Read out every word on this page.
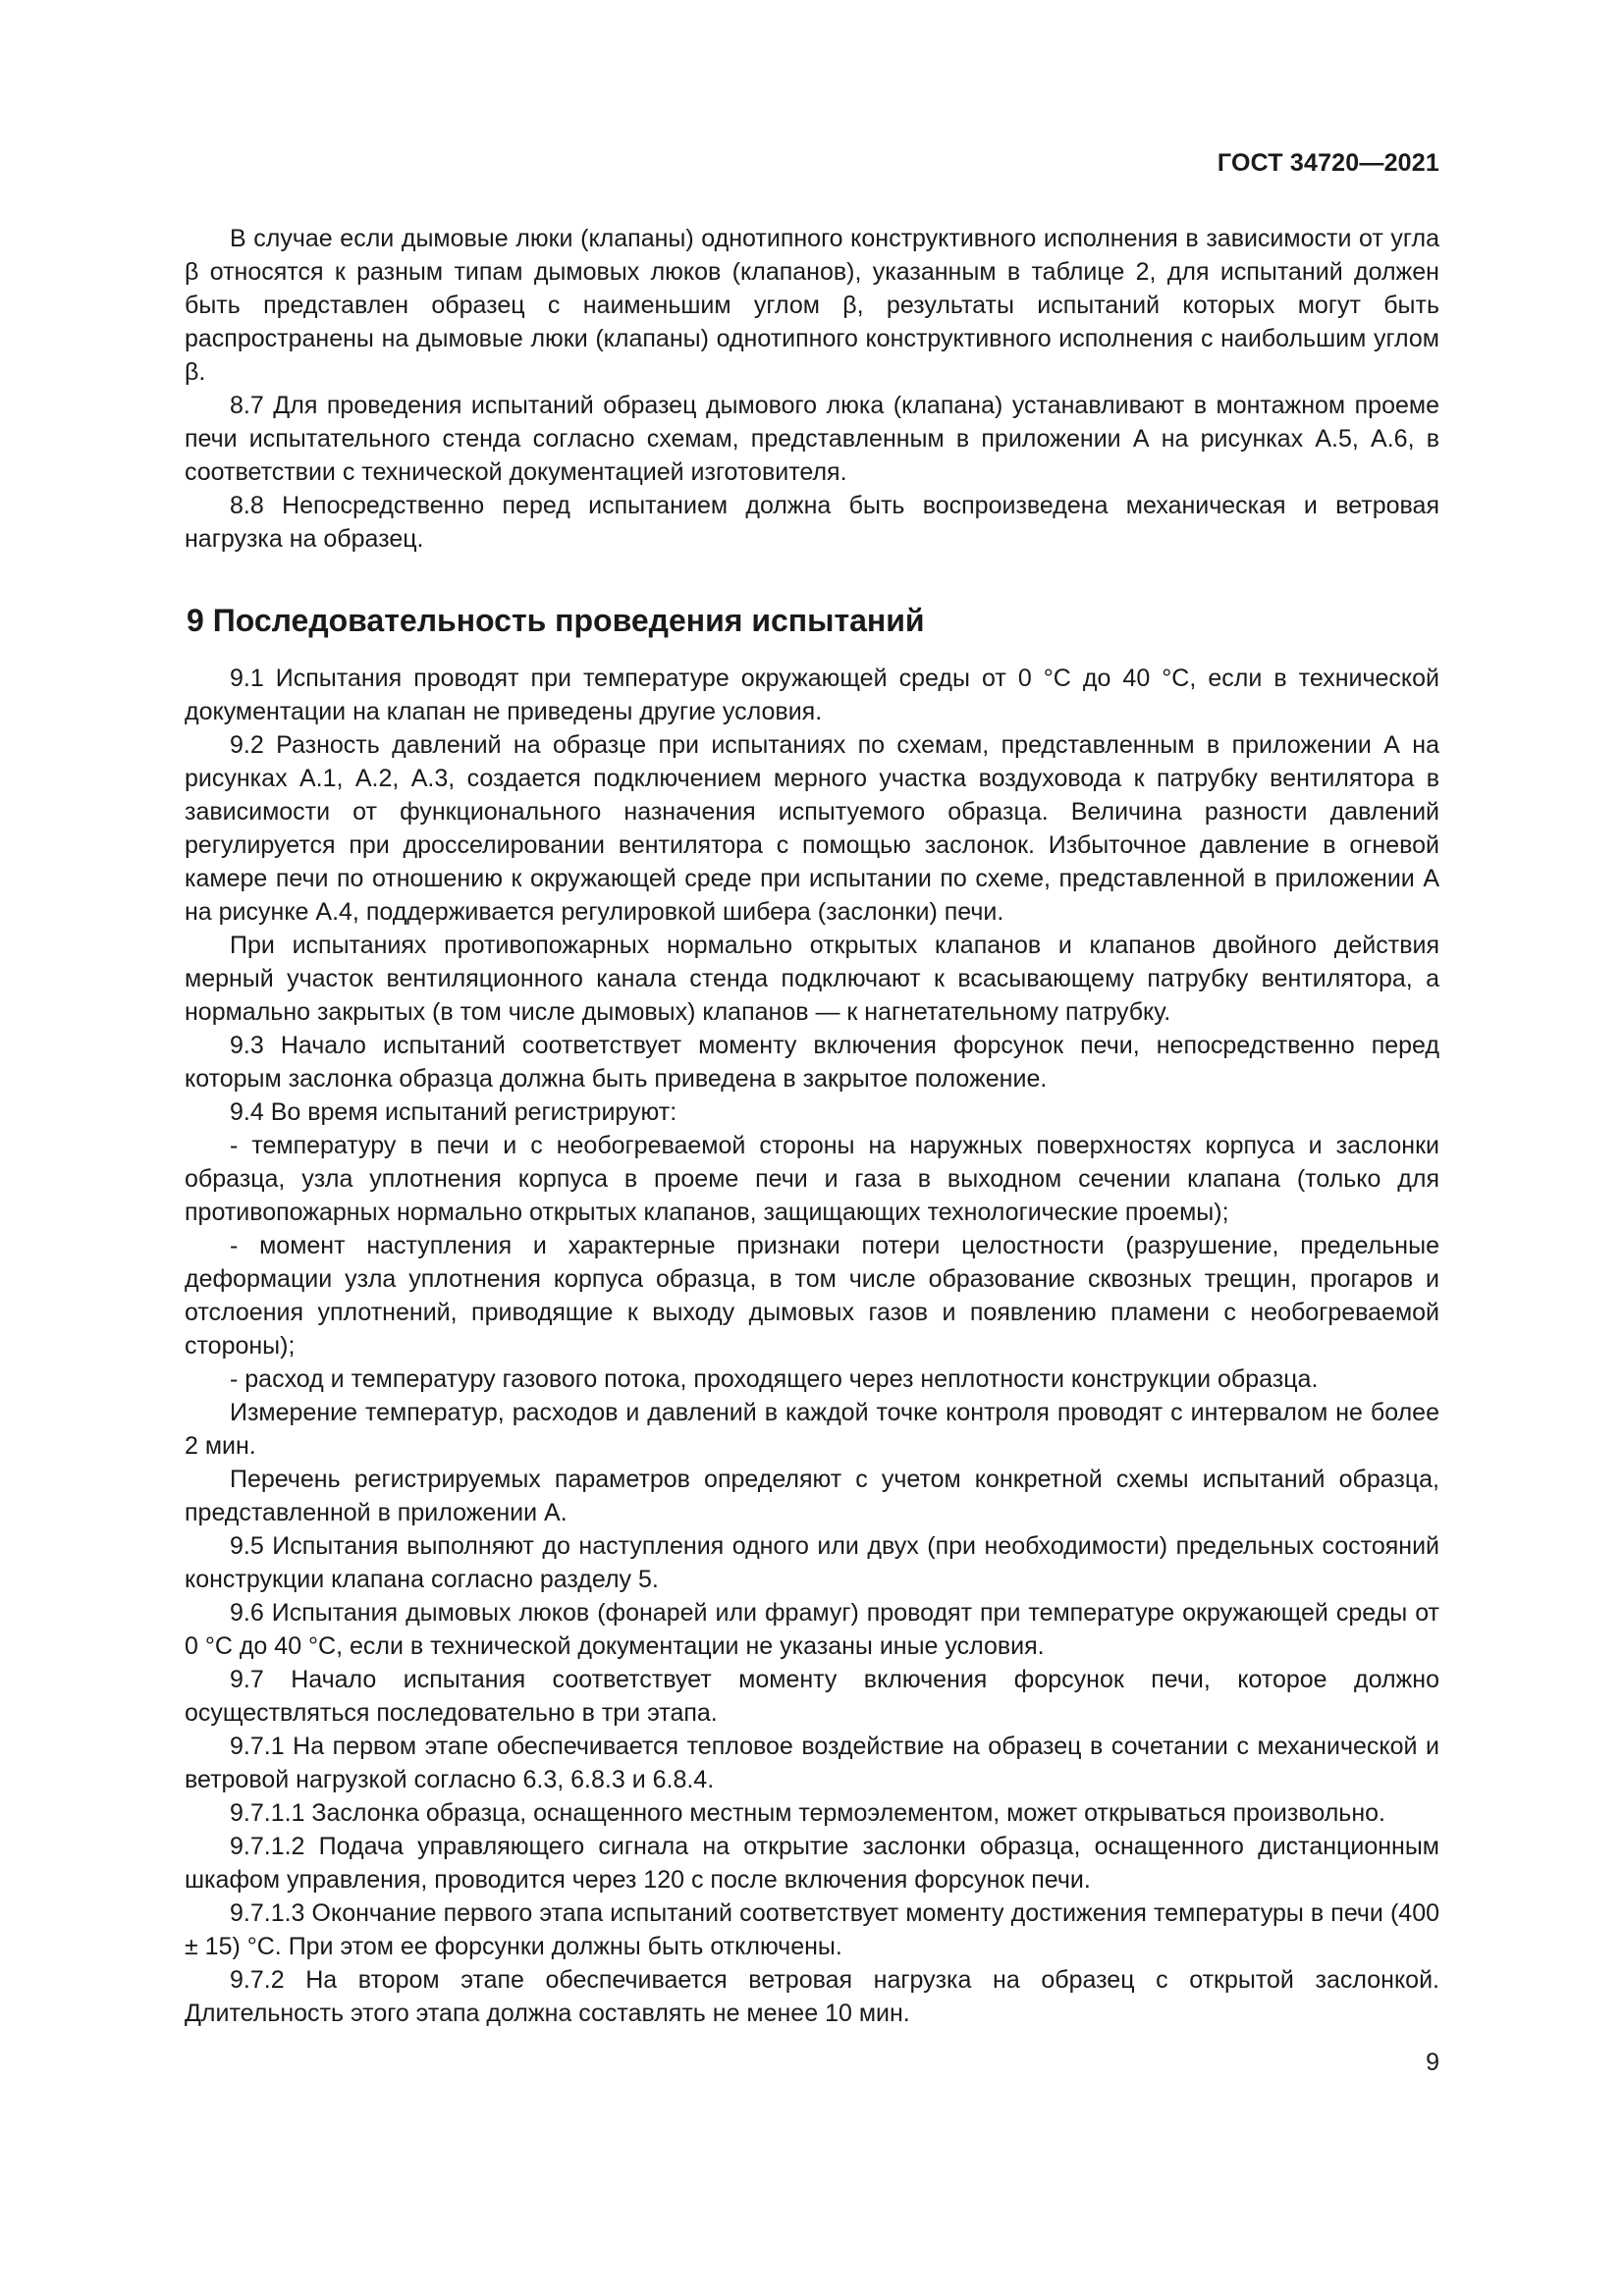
ГОСТ 34720—2021

В случае если дымовые люки (клапаны) однотипного конструктивного исполнения в зависимости от угла β относятся к разным типам дымовых люков (клапанов), указанным в таблице 2, для испытаний должен быть представлен образец с наименьшим углом β, результаты испытаний которых могут быть распространены на дымовые люки (клапаны) однотипного конструктивного исполнения с наибольшим углом β.

8.7 Для проведения испытаний образец дымового люка (клапана) устанавливают в монтажном проеме печи испытательного стенда согласно схемам, представленным в приложении А на рисунках А.5, А.6, в соответствии с технической документацией изготовителя.

8.8 Непосредственно перед испытанием должна быть воспроизведена механическая и ветровая нагрузка на образец.

9 Последовательность проведения испытаний

9.1 Испытания проводят при температуре окружающей среды от 0 °С до 40 °С, если в технической документации на клапан не приведены другие условия.

9.2 Разность давлений на образце при испытаниях по схемам, представленным в приложении А на рисунках А.1, А.2, А.3, создается подключением мерного участка воздуховода к патрубку вентилятора в зависимости от функционального назначения испытуемого образца. Величина разности давлений регулируется при дросселировании вентилятора с помощью заслонок. Избыточное давление в огневой камере печи по отношению к окружающей среде при испытании по схеме, представленной в приложении А на рисунке А.4, поддерживается регулировкой шибера (заслонки) печи.

При испытаниях противопожарных нормально открытых клапанов и клапанов двойного действия мерный участок вентиляционного канала стенда подключают к всасывающему патрубку вентилятора, а нормально закрытых (в том числе дымовых) клапанов — к нагнетательному патрубку.

9.3 Начало испытаний соответствует моменту включения форсунок печи, непосредственно перед которым заслонка образца должна быть приведена в закрытое положение.

9.4 Во время испытаний регистрируют:

- температуру в печи и с необогреваемой стороны на наружных поверхностях корпуса и заслонки образца, узла уплотнения корпуса в проеме печи и газа в выходном сечении клапана (только для противопожарных нормально открытых клапанов, защищающих технологические проемы);

- момент наступления и характерные признаки потери целостности (разрушение, предельные деформации узла уплотнения корпуса образца, в том числе образование сквозных трещин, прогаров и отслоения уплотнений, приводящие к выходу дымовых газов и появлению пламени с необогреваемой стороны);

- расход и температуру газового потока, проходящего через неплотности конструкции образца.

Измерение температур, расходов и давлений в каждой точке контроля проводят с интервалом не более 2 мин.

Перечень регистрируемых параметров определяют с учетом конкретной схемы испытаний образца, представленной в приложении А.

9.5 Испытания выполняют до наступления одного или двух (при необходимости) предельных состояний конструкции клапана согласно разделу 5.

9.6 Испытания дымовых люков (фонарей или фрамуг) проводят при температуре окружающей среды от 0 °С до 40 °С, если в технической документации не указаны иные условия.

9.7 Начало испытания соответствует моменту включения форсунок печи, которое должно осуществляться последовательно в три этапа.

9.7.1 На первом этапе обеспечивается тепловое воздействие на образец в сочетании с механической и ветровой нагрузкой согласно 6.3, 6.8.3 и 6.8.4.

9.7.1.1 Заслонка образца, оснащенного местным термоэлементом, может открываться произвольно.

9.7.1.2 Подача управляющего сигнала на открытие заслонки образца, оснащенного дистанционным шкафом управления, проводится через 120 с после включения форсунок печи.

9.7.1.3 Окончание первого этапа испытаний соответствует моменту достижения температуры в печи (400 ± 15) °С. При этом ее форсунки должны быть отключены.

9.7.2 На втором этапе обеспечивается ветровая нагрузка на образец с открытой заслонкой. Длительность этого этапа должна составлять не менее 10 мин.

9
